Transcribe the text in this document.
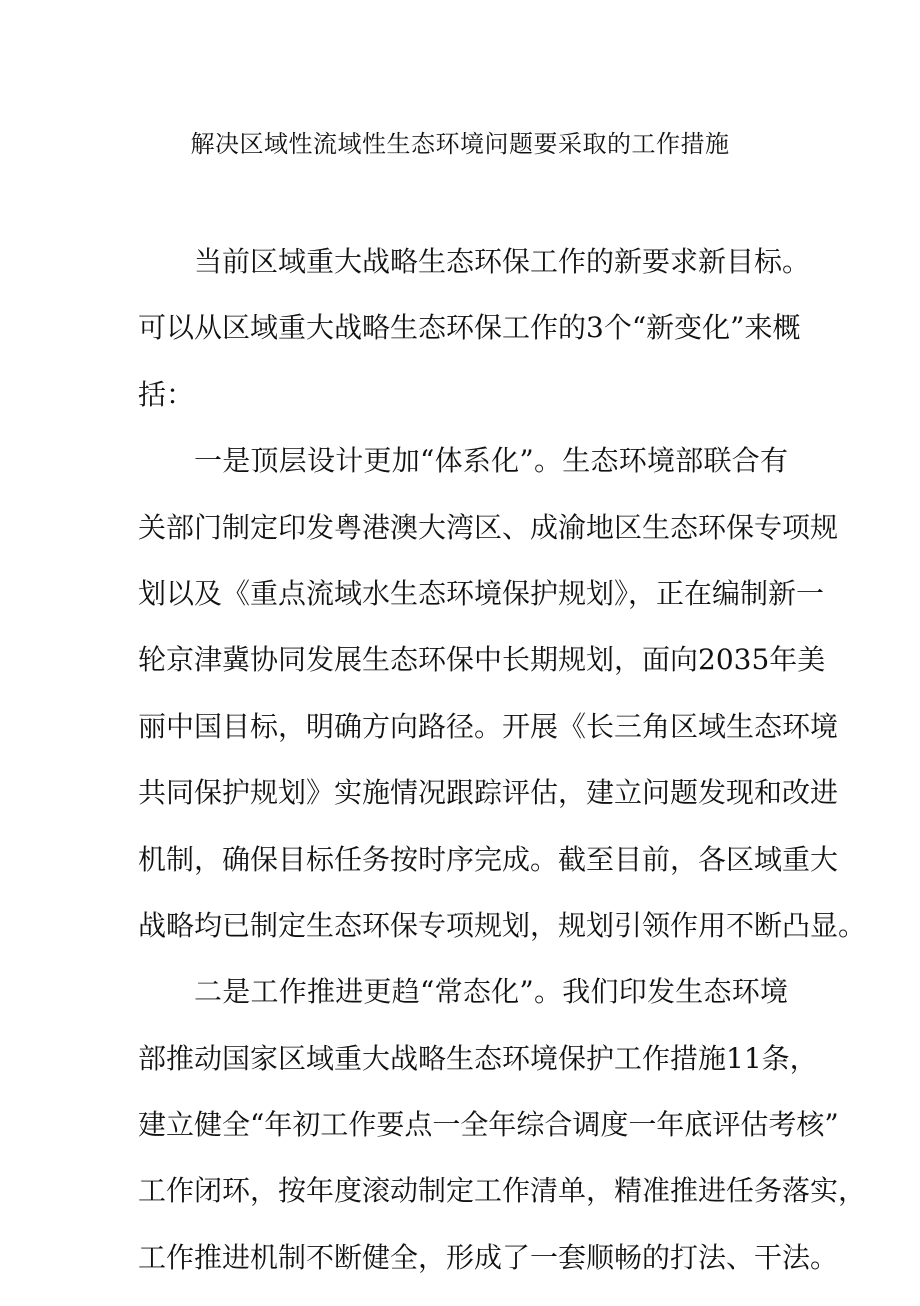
解决区域性流域性生态环境问题要采取的工作措施
当前区域重大战略生态环保工作的新要求新目标。
可以从区域重大战略生态环保工作的3个“新变化”来概
括：
一是顶层设计更加“体系化”。生态环境部联合有
关部门制定印发粤港澳大湾区、成渝地区生态环保专项规
划以及《重点流域水生态环境保护规划》，正在编制新一
轮京津冀协同发展生态环保中长期规划，面向2035年美
丽中国目标，明确方向路径。开展《长三角区域生态环境
共同保护规划》实施情况跟踪评估，建立问题发现和改进
机制，确保目标任务按时序完成。截至目前，各区域重大
战略均已制定生态环保专项规划，规划引领作用不断凸显。
二是工作推进更趋“常态化”。我们印发生态环境
部推动国家区域重大战略生态环境保护工作措施11条，
建立健全“年初工作要点一全年综合调度一年底评估考核”
工作闭环，按年度滚动制定工作清单，精准推进任务落实，
工作推进机制不断健全，形成了一套顺畅的打法、干法。
